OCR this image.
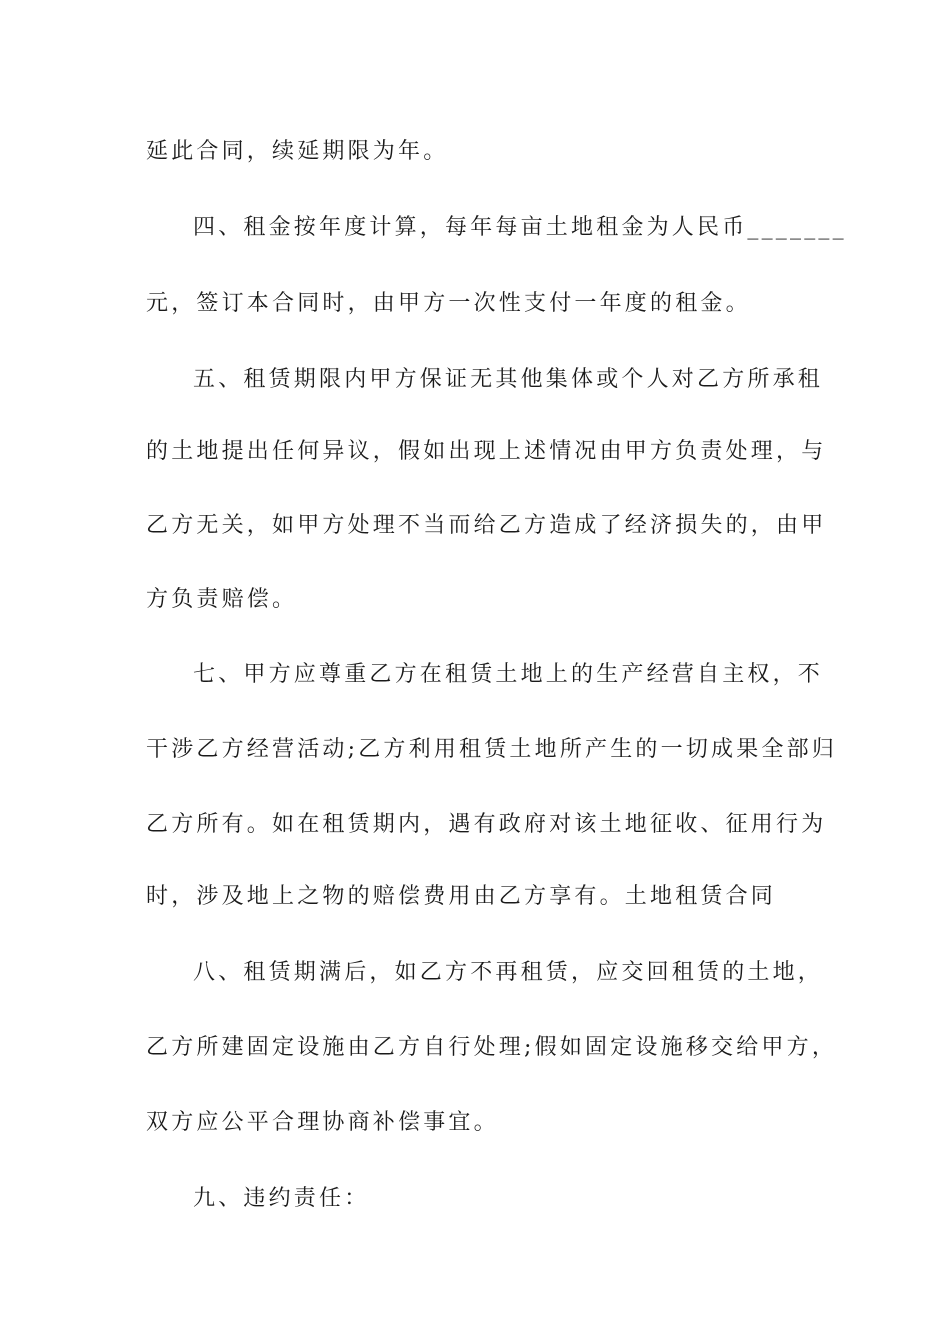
延此合同，续延期限为年。
四、租金按年度计算，每年每亩土地租金为人民币_______
元，签订本合同时，由甲方一次性支付一年度的租金。
五、租赁期限内甲方保证无其他集体或个人对乙方所承租
的土地提出任何异议，假如出现上述情况由甲方负责处理，与
乙方无关，如甲方处理不当而给乙方造成了经济损失的，由甲
方负责赔偿。
七、甲方应尊重乙方在租赁土地上的生产经营自主权，不
干涉乙方经营活动;乙方利用租赁土地所产生的一切成果全部归
乙方所有。如在租赁期内，遇有政府对该土地征收、征用行为
时，涉及地上之物的赔偿费用由乙方享有。土地租赁合同
八、租赁期满后，如乙方不再租赁，应交回租赁的土地，
乙方所建固定设施由乙方自行处理;假如固定设施移交给甲方，
双方应公平合理协商补偿事宜。
九、违约责任：
